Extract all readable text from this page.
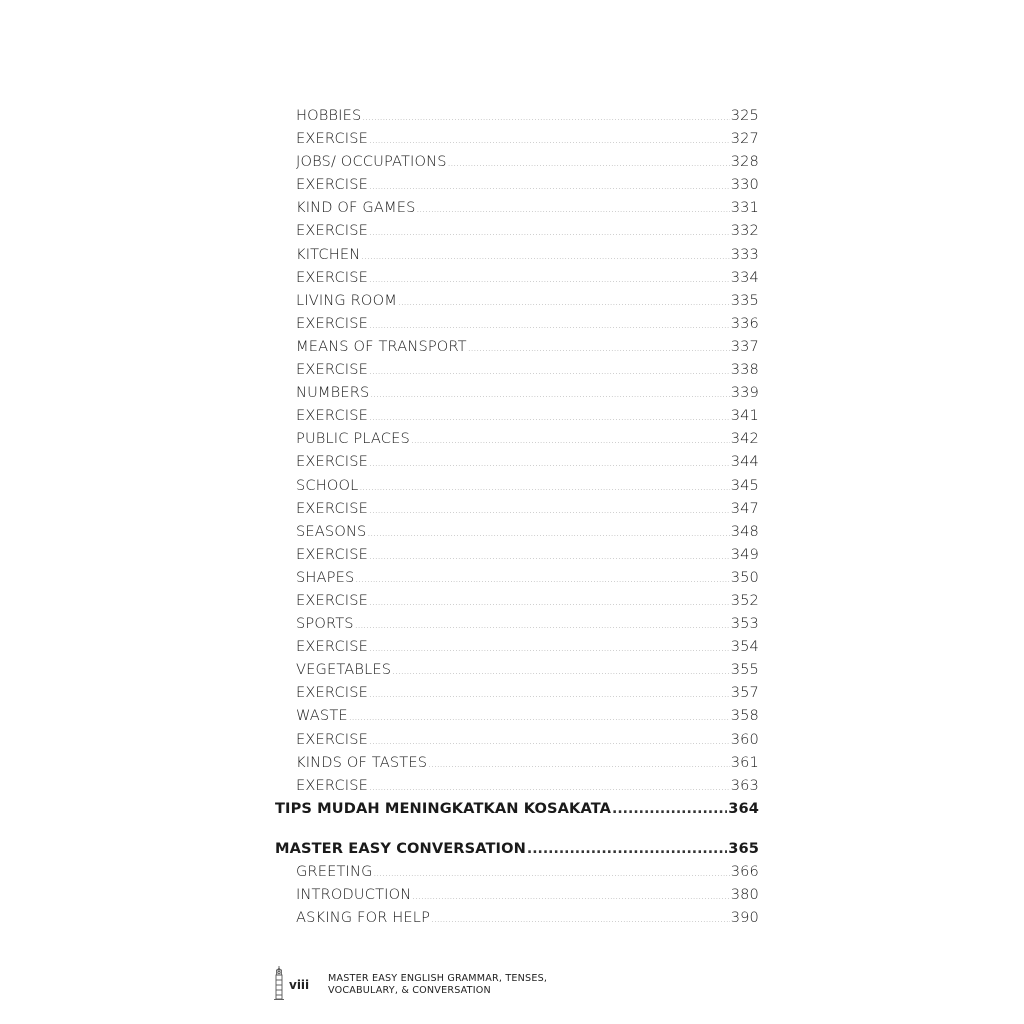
HOBBIES .....	325
EXERCISE .....	327
JOBS/ OCCUPATIONS .....	328
EXERCISE .....	330
KIND OF GAMES .....	331
EXERCISE .....	332
KITCHEN .....	333
EXERCISE .....	334
LIVING ROOM .....	335
EXERCISE .....	336
MEANS OF TRANSPORT .....	337
EXERCISE .....	338
NUMBERS .....	339
EXERCISE .....	341
PUBLIC PLACES .....	342
EXERCISE .....	344
SCHOOL .....	345
EXERCISE .....	347
SEASONS .....	348
EXERCISE .....	349
SHAPES .....	350
EXERCISE .....	352
SPORTS .....	353
EXERCISE .....	354
VEGETABLES .....	355
EXERCISE .....	357
WASTE .....	358
EXERCISE .....	360
KINDS OF TASTES .....	361
EXERCISE .....	363
TIPS MUDAH MENINGKATKAN KOSAKATA .....	364
MASTER EASY CONVERSATION .....	365
GREETING .....	366
INTRODUCTION .....	380
ASKING FOR HELP .....	390
viii MASTER EASY ENGLISH GRAMMAR, TENSES,
VOCABULARY, & CONVERSATION
